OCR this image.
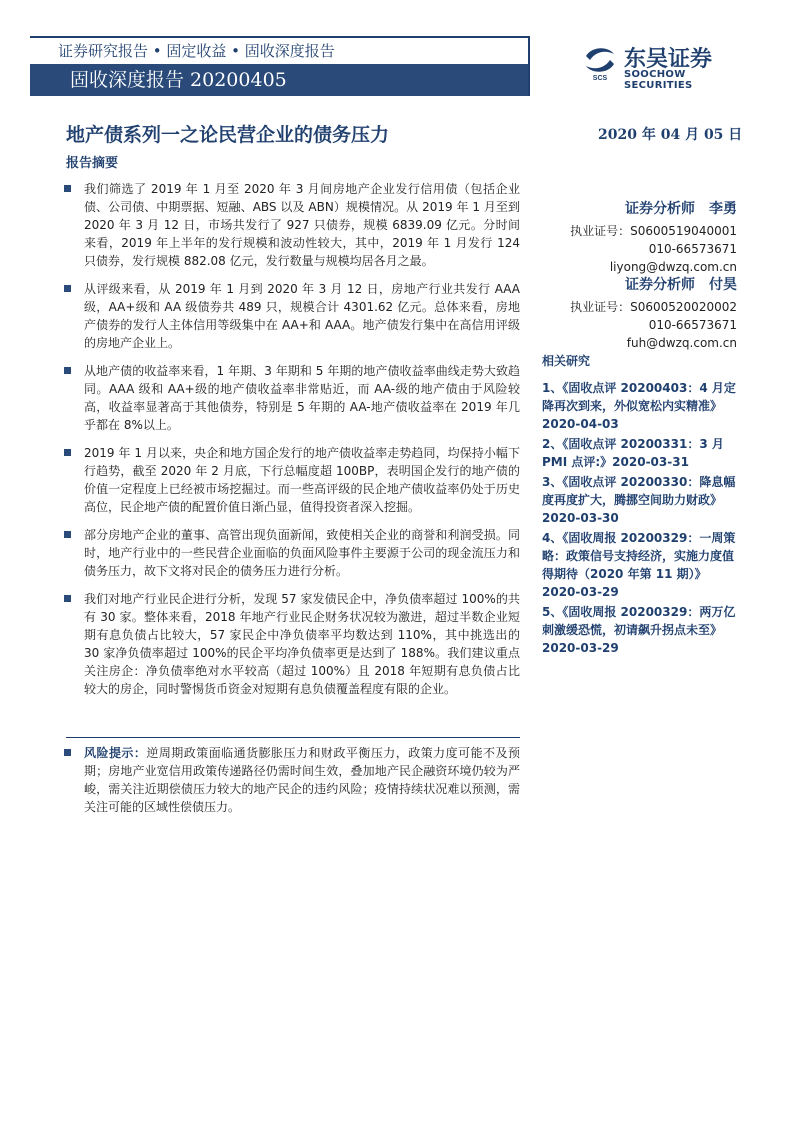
证券研究报告 • 固定收益 • 固收深度报告
固收深度报告 20200405	SCS
东吴证券
SOOCHOW SECURITIES
地产债系列一之论民营企业的债务压力	2020 年 04 月 05 日
报告摘要

我们筛选了 2019 年 1 月至 2020 年 3 月间房地产企业发行信用债（包括企业债、公司债、中期票据、短融、ABS 以及 ABN）规模情况。从 2019 年 1 月至到 2020 年 3 月 12 日，市场共发行了 927 只债券，规模 6839.09 亿元。分时间来看，2019 年上半年的发行规模和波动性较大，其中，2019 年 1 月发行 124 只债券，发行规模 882.08 亿元，发行数量与规模均居各月之最。

从评级来看，从 2019 年 1 月到 2020 年 3 月 12 日，房地产行业共发行 AAA 级，AA+级和 AA 级债券共 489 只，规模合计 4301.62 亿元。总体来看，房地产债券的发行人主体信用等级集中在 AA+和 AAA。地产债发行集中在高信用评级的房地产企业上。

从地产债的收益率来看，1 年期、3 年期和 5 年期的地产债收益率曲线走势大致趋同。AAA 级和 AA+级的地产债收益率非常贴近，而 AA-级的地产债由于风险较高，收益率显著高于其他债券，特别是 5 年期的 AA-地产债收益率在 2019 年几乎都在 8%以上。

2019 年 1 月以来，央企和地方国企发行的地产债收益率走势趋同，均保持小幅下行趋势，截至 2020 年 2 月底，下行总幅度超 100BP，表明国企发行的地产债的价值一定程度上已经被市场挖掘过。而一些高评级的民企地产债收益率仍处于历史高位，民企地产债的配置价值日渐凸显，值得投资者深入挖掘。

部分房地产企业的董事、高管出现负面新闻，致使相关企业的商誉和利润受损。同时，地产行业中的一些民营企业面临的负面风险事件主要源于公司的现金流压力和债务压力，故下文将对民企的债务压力进行分析。

我们对地产行业民企进行分析，发现 57 家发债民企中，净负债率超过 100%的共有 30 家。整体来看，2018 年地产行业民企财务状况较为激进，超过半数企业短期有息负债占比较大，57 家民企中净负债率平均数达到 110%，其中挑选出的 30 家净负债率超过 100%的民企平均净负债率更是达到了 188%。我们建议重点关注房企：净负债率绝对水平较高（超过 100%）且 2018 年短期有息负债占比较大的房企，同时警惕货币资金对短期有息负债覆盖程度有限的企业。

风险提示：逆周期政策面临通货膨胀压力和财政平衡压力，政策力度可能不及预期；房地产业宽信用政策传递路径仍需时间生效，叠加地产民企融资环境仍较为严峻，需关注近期偿债压力较大的地产民企的违约风险；疫情持续状况难以预测，需关注可能的区域性偿债压力。

证券分析师　李勇
执业证号：S0600519040001
010-66573671
liyong@dwzq.com.cn
证券分析师　付昊
执业证号：S0600520020002
010-66573671
fuh@dwzq.com.cn
相关研究
1、《固收点评 20200403：4 月定降再次到来，外似宽松内实精准》2020-04-03
2、《固收点评 20200331：3 月 PMI 点评:》2020-03-31
3、《固收点评 20200330：降息幅度再度扩大，腾挪空间助力财政》2020-03-30
4、《固收周报 20200329：一周策略：政策信号支持经济，实施力度值得期待（2020 年第 11 期）》2020-03-29
5、《固收周报 20200329：两万亿刺激缓恐慌，初请飙升拐点未至》2020-03-29
